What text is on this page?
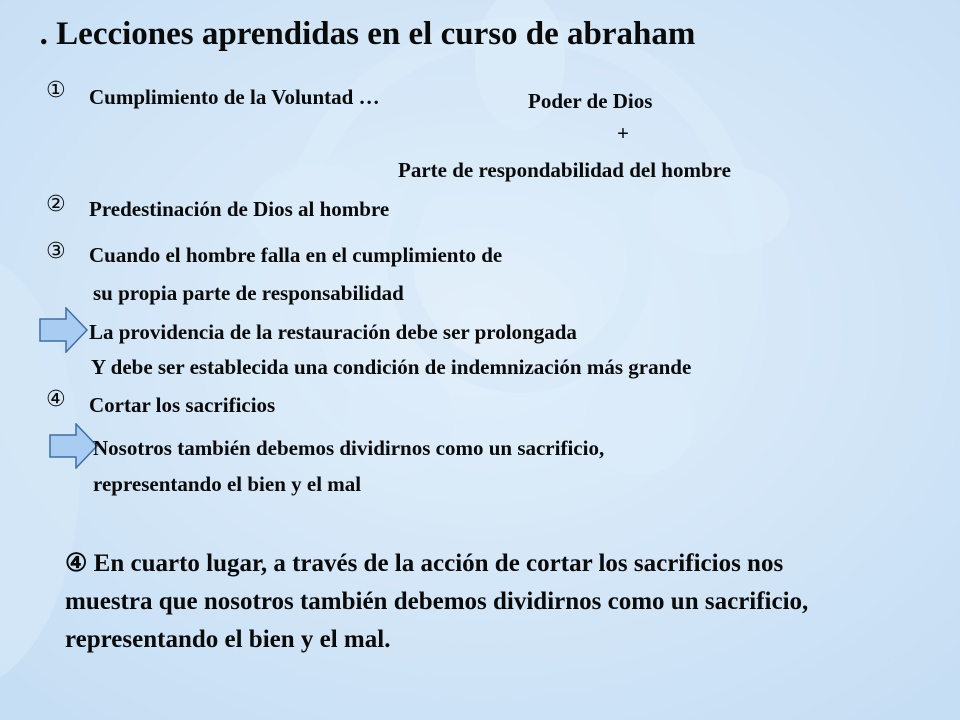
 . Lecciones aprendidas en el curso de abraham
① Cumplimiento de la Voluntad …	Poder de Dios
+
Parte de respondabilidad del hombre
② Predestinación de Dios al hombre
③ Cuando el hombre falla en el cumplimiento de
su propia parte de responsabilidad
La providencia de la restauración debe ser prolongada
Y debe ser establecida una condición de indemnización más grande
④ Cortar los sacrificios
Nosotros también debemos dividirnos como un sacrificio,
representando el bien y el mal
④ En cuarto lugar, a través de la acción de cortar los sacrificios nos muestra que nosotros también debemos dividirnos como un sacrificio, representando el bien y el mal.
